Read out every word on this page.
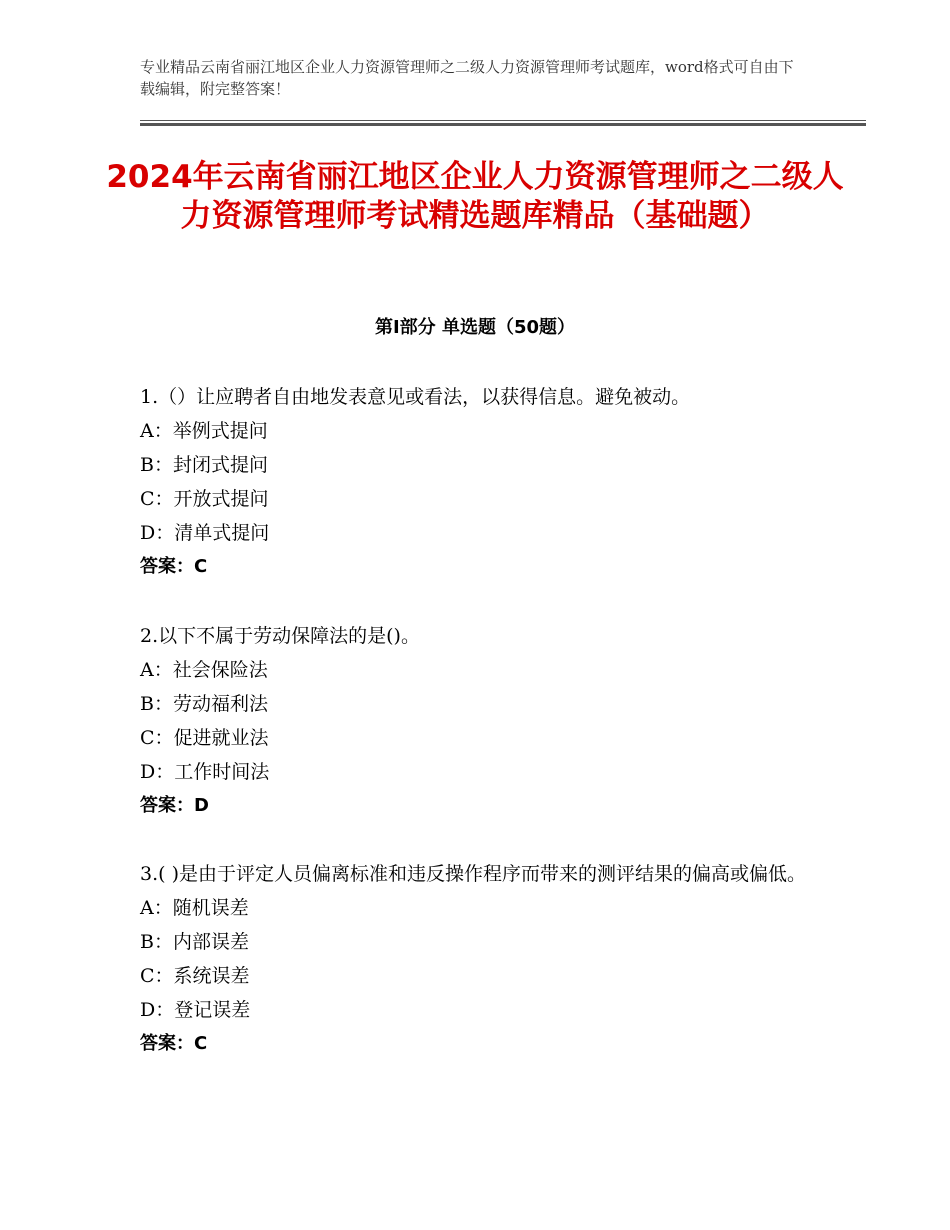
专业精品云南省丽江地区企业人力资源管理师之二级人力资源管理师考试题库，word格式可自由下载编辑，附完整答案！
2024年云南省丽江地区企业人力资源管理师之二级人力资源管理师考试精选题库精品（基础题）
第Ⅰ部分 单选题（50题）

1.（）让应聘者自由地发表意见或看法，以获得信息。避免被动。

A：举例式提问

B：封闭式提问

C：开放式提问

D：清单式提问

答案：C

2.以下不属于劳动保障法的是()。

A：社会保险法

B：劳动福利法

C：促进就业法

D：工作时间法

答案：D

3.( )是由于评定人员偏离标准和违反操作程序而带来的测评结果的偏高或偏低。

A：随机误差

B：内部误差

C：系统误差

D：登记误差

答案：C
